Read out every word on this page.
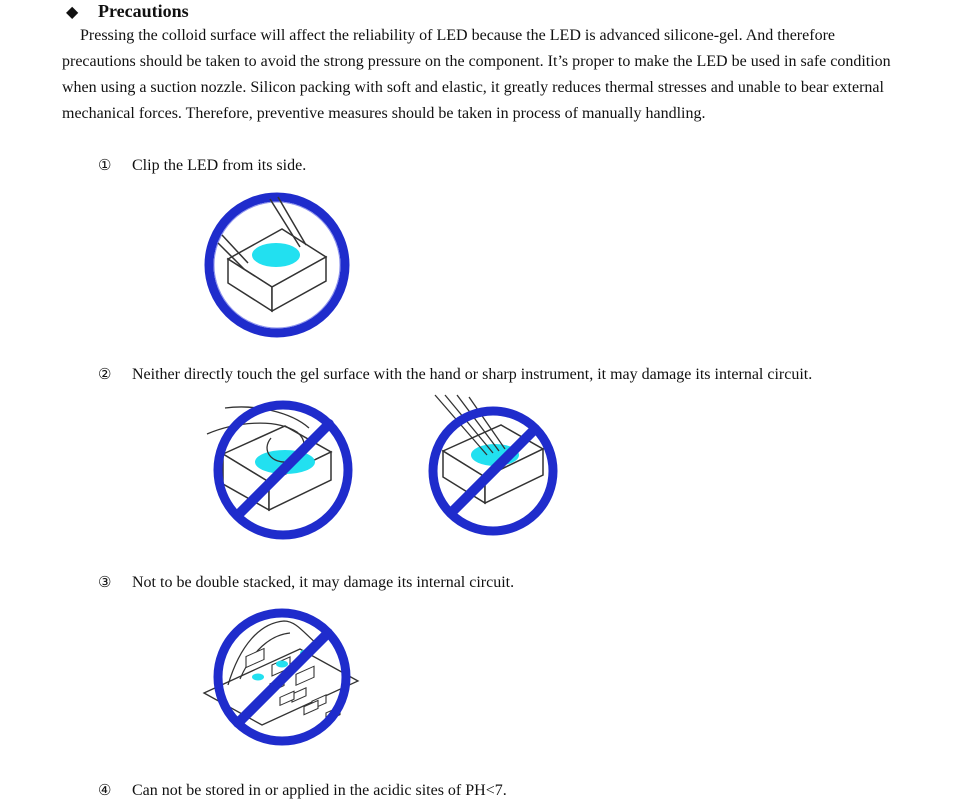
◆ Precautions
Pressing the colloid surface will affect the reliability of LED because the LED is advanced silicone-gel. And therefore precautions should be taken to avoid the strong pressure on the component. It’s proper to make the LED be used in safe condition when using a suction nozzle. Silicon packing with soft and elastic, it greatly reduces thermal stresses and unable to bear external mechanical forces. Therefore, preventive measures should be taken in process of manually handling.
① Clip the LED from its side.
② Neither directly touch the gel surface with the hand or sharp instrument, it may damage its internal circuit.
③ Not to be double stacked, it may damage its internal circuit.
④ Can not be stored in or applied in the acidic sites of PH<7.
